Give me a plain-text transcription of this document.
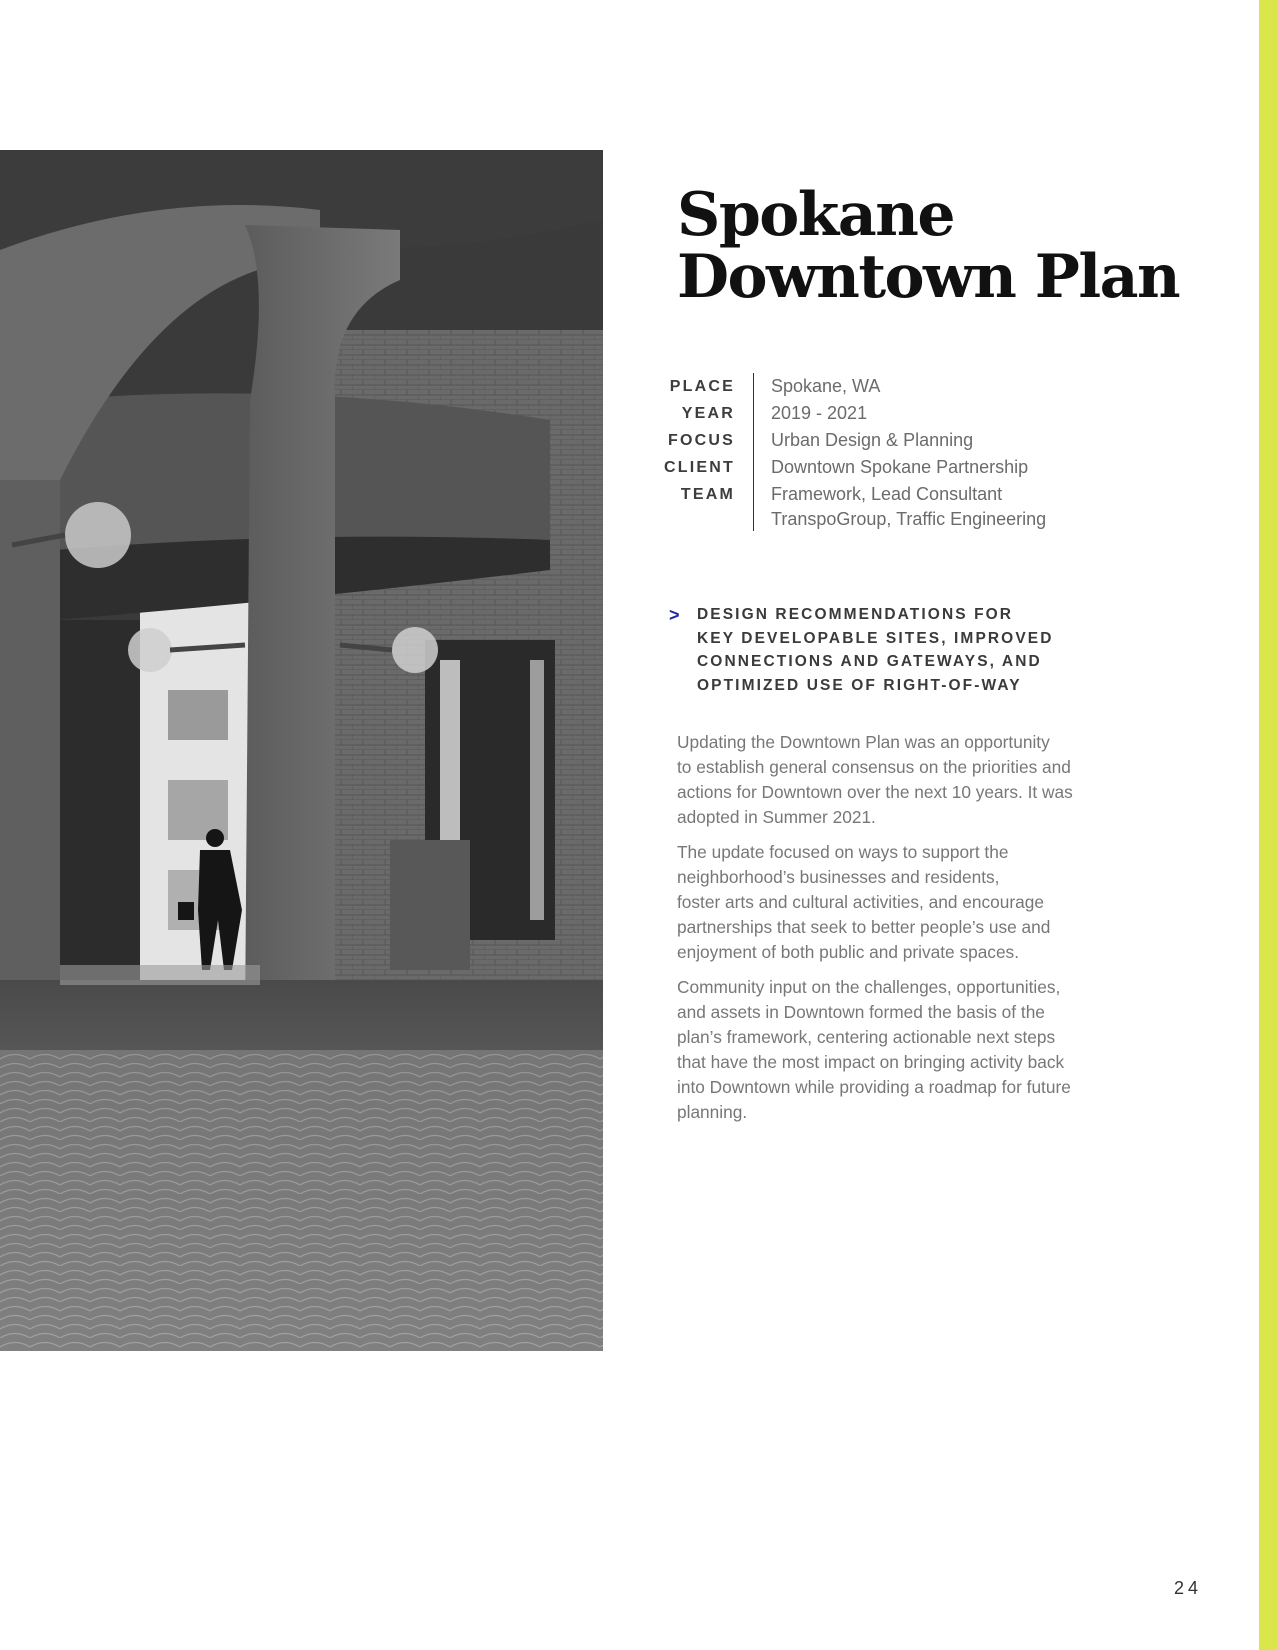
Spokane
Downtown Plan
PLACE	Spokane, WA
YEAR	2019 - 2021
FOCUS	Urban Design & Planning
CLIENT	Downtown Spokane Partnership
TEAM	Framework, Lead Consultant
TranspoGroup, Traffic Engineering
> DESIGN RECOMMENDATIONS FOR
KEY DEVELOPABLE SITES, IMPROVED
CONNECTIONS AND GATEWAYS, AND
OPTIMIZED USE OF RIGHT-OF-WAY

Updating the Downtown Plan was an opportunity
to establish general consensus on the priorities and
actions for Downtown over the next 10 years. It was
adopted in Summer 2021.

The update focused on ways to support the
neighborhood’s businesses and residents,
foster arts and cultural activities, and encourage
partnerships that seek to better people’s use and
enjoyment of both public and private spaces.

Community input on the challenges, opportunities,
and assets in Downtown formed the basis of the
plan’s framework, centering actionable next steps
that have the most impact on bringing activity back
into Downtown while providing a roadmap for future
planning.

24
